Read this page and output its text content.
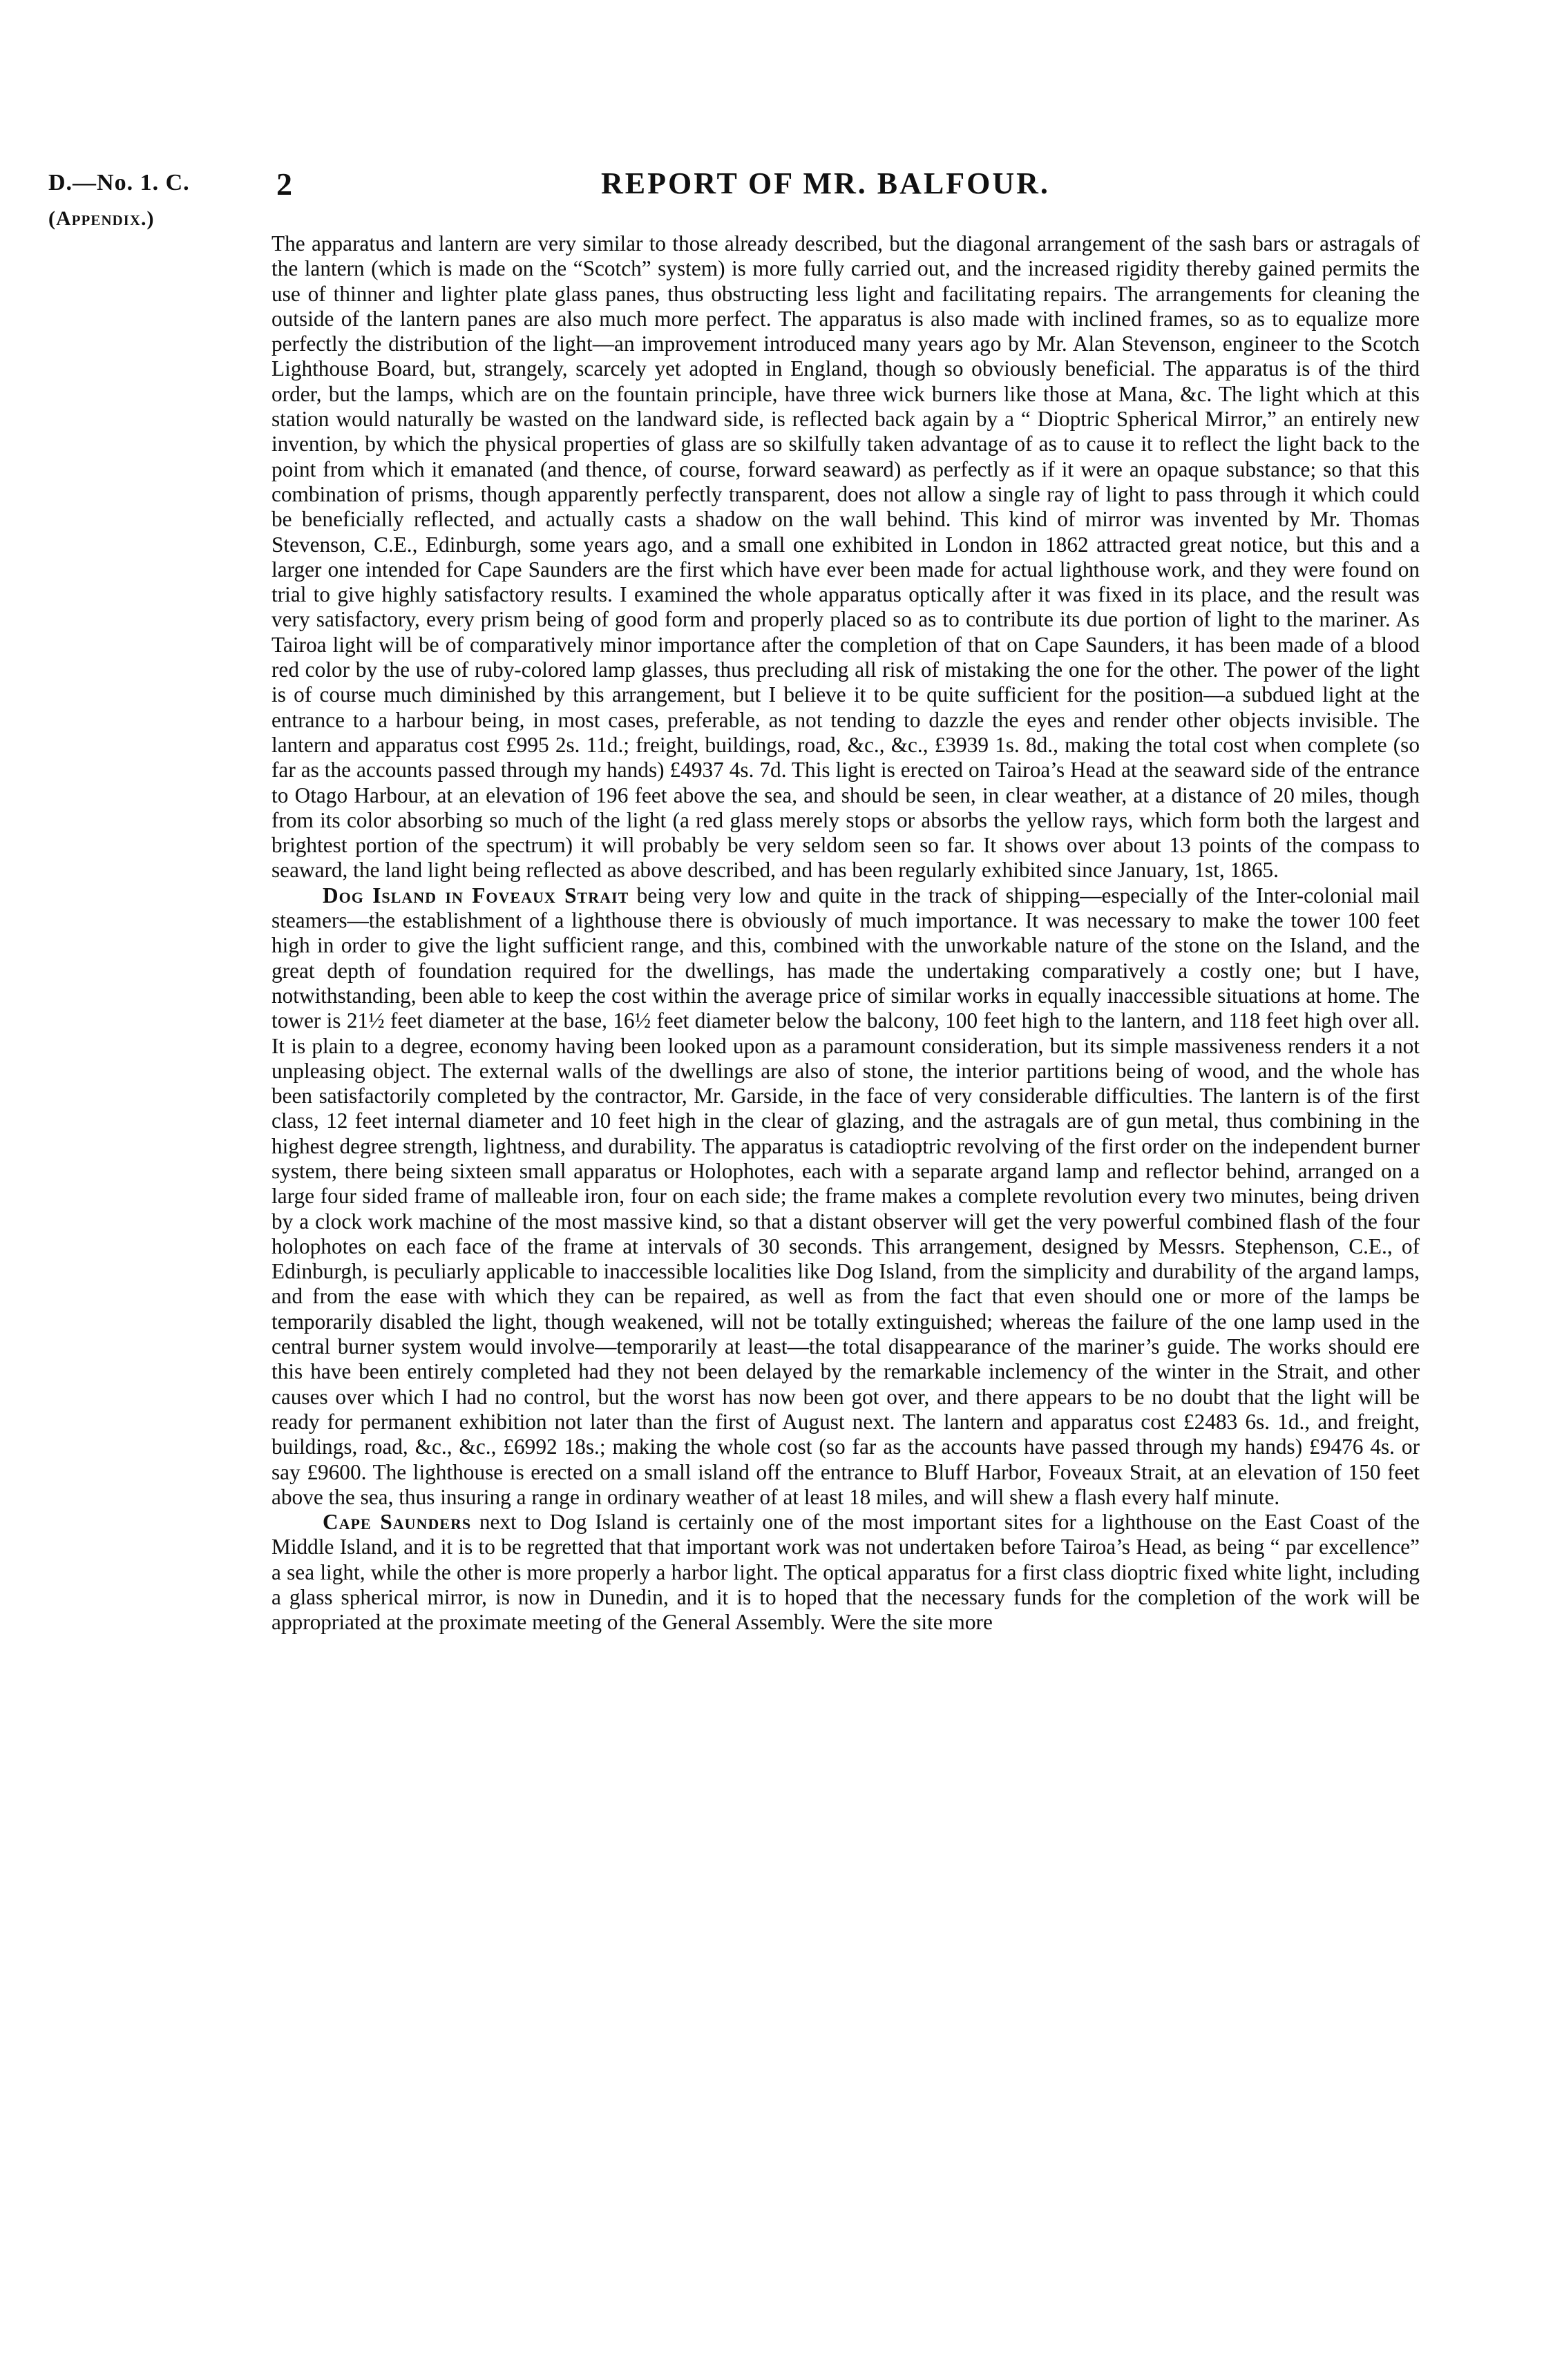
D.—No. 1. C.
(Appendix.)
2	REPORT OF MR. BALFOUR.

The apparatus and lantern are very similar to those already described, but the diagonal arrangement of the sash bars or astragals of the lantern (which is made on the “Scotch” system) is more fully carried out, and the increased rigidity thereby gained permits the use of thinner and lighter plate glass panes, thus obstructing less light and facilitating repairs. The arrangements for cleaning the outside of the lantern panes are also much more perfect. The apparatus is also made with inclined frames, so as to equalize more perfectly the distribution of the light—an improvement introduced many years ago by Mr. Alan Stevenson, engineer to the Scotch Lighthouse Board, but, strangely, scarcely yet adopted in England, though so obviously beneficial. The apparatus is of the third order, but the lamps, which are on the fountain principle, have three wick burners like those at Mana, &c. The light which at this station would naturally be wasted on the landward side, is reflected back again by a “ Dioptric Spherical Mirror,” an entirely new invention, by which the physical properties of glass are so skilfully taken advantage of as to cause it to reflect the light back to the point from which it emanated (and thence, of course, forward seaward) as perfectly as if it were an opaque substance; so that this combination of prisms, though apparently perfectly transparent, does not allow a single ray of light to pass through it which could be beneficially reflected, and actually casts a shadow on the wall behind. This kind of mirror was invented by Mr. Thomas Stevenson, C.E., Edinburgh, some years ago, and a small one exhibited in London in 1862 attracted great notice, but this and a larger one intended for Cape Saunders are the first which have ever been made for actual lighthouse work, and they were found on trial to give highly satisfactory results. I examined the whole apparatus optically after it was fixed in its place, and the result was very satisfactory, every prism being of good form and properly placed so as to contribute its due portion of light to the mariner. As Tairoa light will be of comparatively minor importance after the completion of that on Cape Saunders, it has been made of a blood red color by the use of ruby-colored lamp glasses, thus precluding all risk of mistaking the one for the other. The power of the light is of course much diminished by this arrangement, but I believe it to be quite sufficient for the position—a subdued light at the entrance to a harbour being, in most cases, preferable, as not tending to dazzle the eyes and render other objects invisible. The lantern and apparatus cost £995 2s. 11d.; freight, buildings, road, &c., &c., £3939 1s. 8d., making the total cost when complete (so far as the accounts passed through my hands) £4937 4s. 7d. This light is erected on Tairoa’s Head at the seaward side of the entrance to Otago Harbour, at an elevation of 196 feet above the sea, and should be seen, in clear weather, at a distance of 20 miles, though from its color absorbing so much of the light (a red glass merely stops or absorbs the yellow rays, which form both the largest and brightest portion of the spectrum) it will probably be very seldom seen so far. It shows over about 13 points of the compass to seaward, the land light being reflected as above described, and has been regularly exhibited since January, 1st, 1865.

Dog Island in Foveaux Strait being very low and quite in the track of shipping—especially of the Inter-colonial mail steamers—the establishment of a lighthouse there is obviously of much importance. It was necessary to make the tower 100 feet high in order to give the light sufficient range, and this, combined with the unworkable nature of the stone on the Island, and the great depth of foundation required for the dwellings, has made the undertaking comparatively a costly one; but I have, notwithstanding, been able to keep the cost within the average price of similar works in equally inaccessible situations at home. The tower is 21½ feet diameter at the base, 16½ feet diameter below the balcony, 100 feet high to the lantern, and 118 feet high over all. It is plain to a degree, economy having been looked upon as a paramount consideration, but its simple massiveness renders it a not unpleasing object. The external walls of the dwellings are also of stone, the interior partitions being of wood, and the whole has been satisfactorily completed by the contractor, Mr. Garside, in the face of very considerable difficulties. The lantern is of the first class, 12 feet internal diameter and 10 feet high in the clear of glazing, and the astragals are of gun metal, thus combining in the highest degree strength, lightness, and durability. The apparatus is catadioptric revolving of the first order on the independent burner system, there being sixteen small apparatus or Holophotes, each with a separate argand lamp and reflector behind, arranged on a large four sided frame of malleable iron, four on each side; the frame makes a complete revolution every two minutes, being driven by a clock work machine of the most massive kind, so that a distant observer will get the very powerful combined flash of the four holophotes on each face of the frame at intervals of 30 seconds. This arrangement, designed by Messrs. Stephenson, C.E., of Edinburgh, is peculiarly applicable to inaccessible localities like Dog Island, from the simplicity and durability of the argand lamps, and from the ease with which they can be repaired, as well as from the fact that even should one or more of the lamps be temporarily disabled the light, though weakened, will not be totally extinguished; whereas the failure of the one lamp used in the central burner system would involve—temporarily at least—the total disappearance of the mariner’s guide. The works should ere this have been entirely completed had they not been delayed by the remarkable inclemency of the winter in the Strait, and other causes over which I had no control, but the worst has now been got over, and there appears to be no doubt that the light will be ready for permanent exhibition not later than the first of August next. The lantern and apparatus cost £2483 6s. 1d., and freight, buildings, road, &c., &c., £6992 18s.; making the whole cost (so far as the accounts have passed through my hands) £9476 4s. or say £9600. The lighthouse is erected on a small island off the entrance to Bluff Harbor, Foveaux Strait, at an elevation of 150 feet above the sea, thus insuring a range in ordinary weather of at least 18 miles, and will shew a flash every half minute.

Cape Saunders next to Dog Island is certainly one of the most important sites for a lighthouse on the East Coast of the Middle Island, and it is to be regretted that that important work was not undertaken before Tairoa’s Head, as being “ par excellence” a sea light, while the other is more properly a harbor light. The optical apparatus for a first class dioptric fixed white light, including a glass spherical mirror, is now in Dunedin, and it is to hoped that the necessary funds for the completion of the work will be appropriated at the proximate meeting of the General Assembly. Were the site more
